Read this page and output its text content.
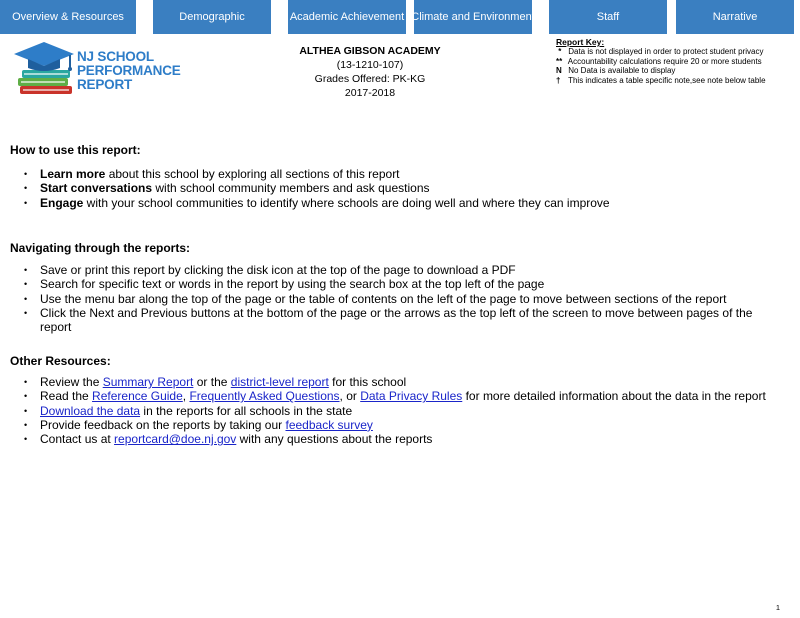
Overview & Resources	Demographic	Academic Achievement Climate and Environment	Staff	Narrative
NJ SCHOOL
PERFORMANCE
REPORT
ALTHEA GIBSON ACADEMY
(13-1210-107)
Grades Offered: PK-KG
2017-2018
Report Key:
* Data is not displayed in order to protect student privacy
** Accountability calculations require 20 or more students
N No Data is available to display
† This indicates a table specific note,see note below table
How to use this report:
• Learn more about this school by exploring all sections of this report
• Start conversations with school community members and ask questions
• Engage with your school communities to identify where schools are doing well and where they can improve
Navigating through the reports:
• Save or print this report by clicking the disk icon at the top of the page to download a PDF
• Search for specific text or words in the report by using the search box at the top left of the page
• Use the menu bar along the top of the page or the table of contents on the left of the page to move between sections of the report
• Click the Next and Previous buttons at the bottom of the page or the arrows as the top left of the screen to move between pages of the report
Other Resources:
• Review the Summary Report or the district-level report for this school
• Read the Reference Guide, Frequently Asked Questions, or Data Privacy Rules for more detailed information about the data in the report
• Download the data in the reports for all schools in the state
• Provide feedback on the reports by taking our feedback survey
• Contact us at reportcard@doe.nj.gov with any questions about the reports
1
